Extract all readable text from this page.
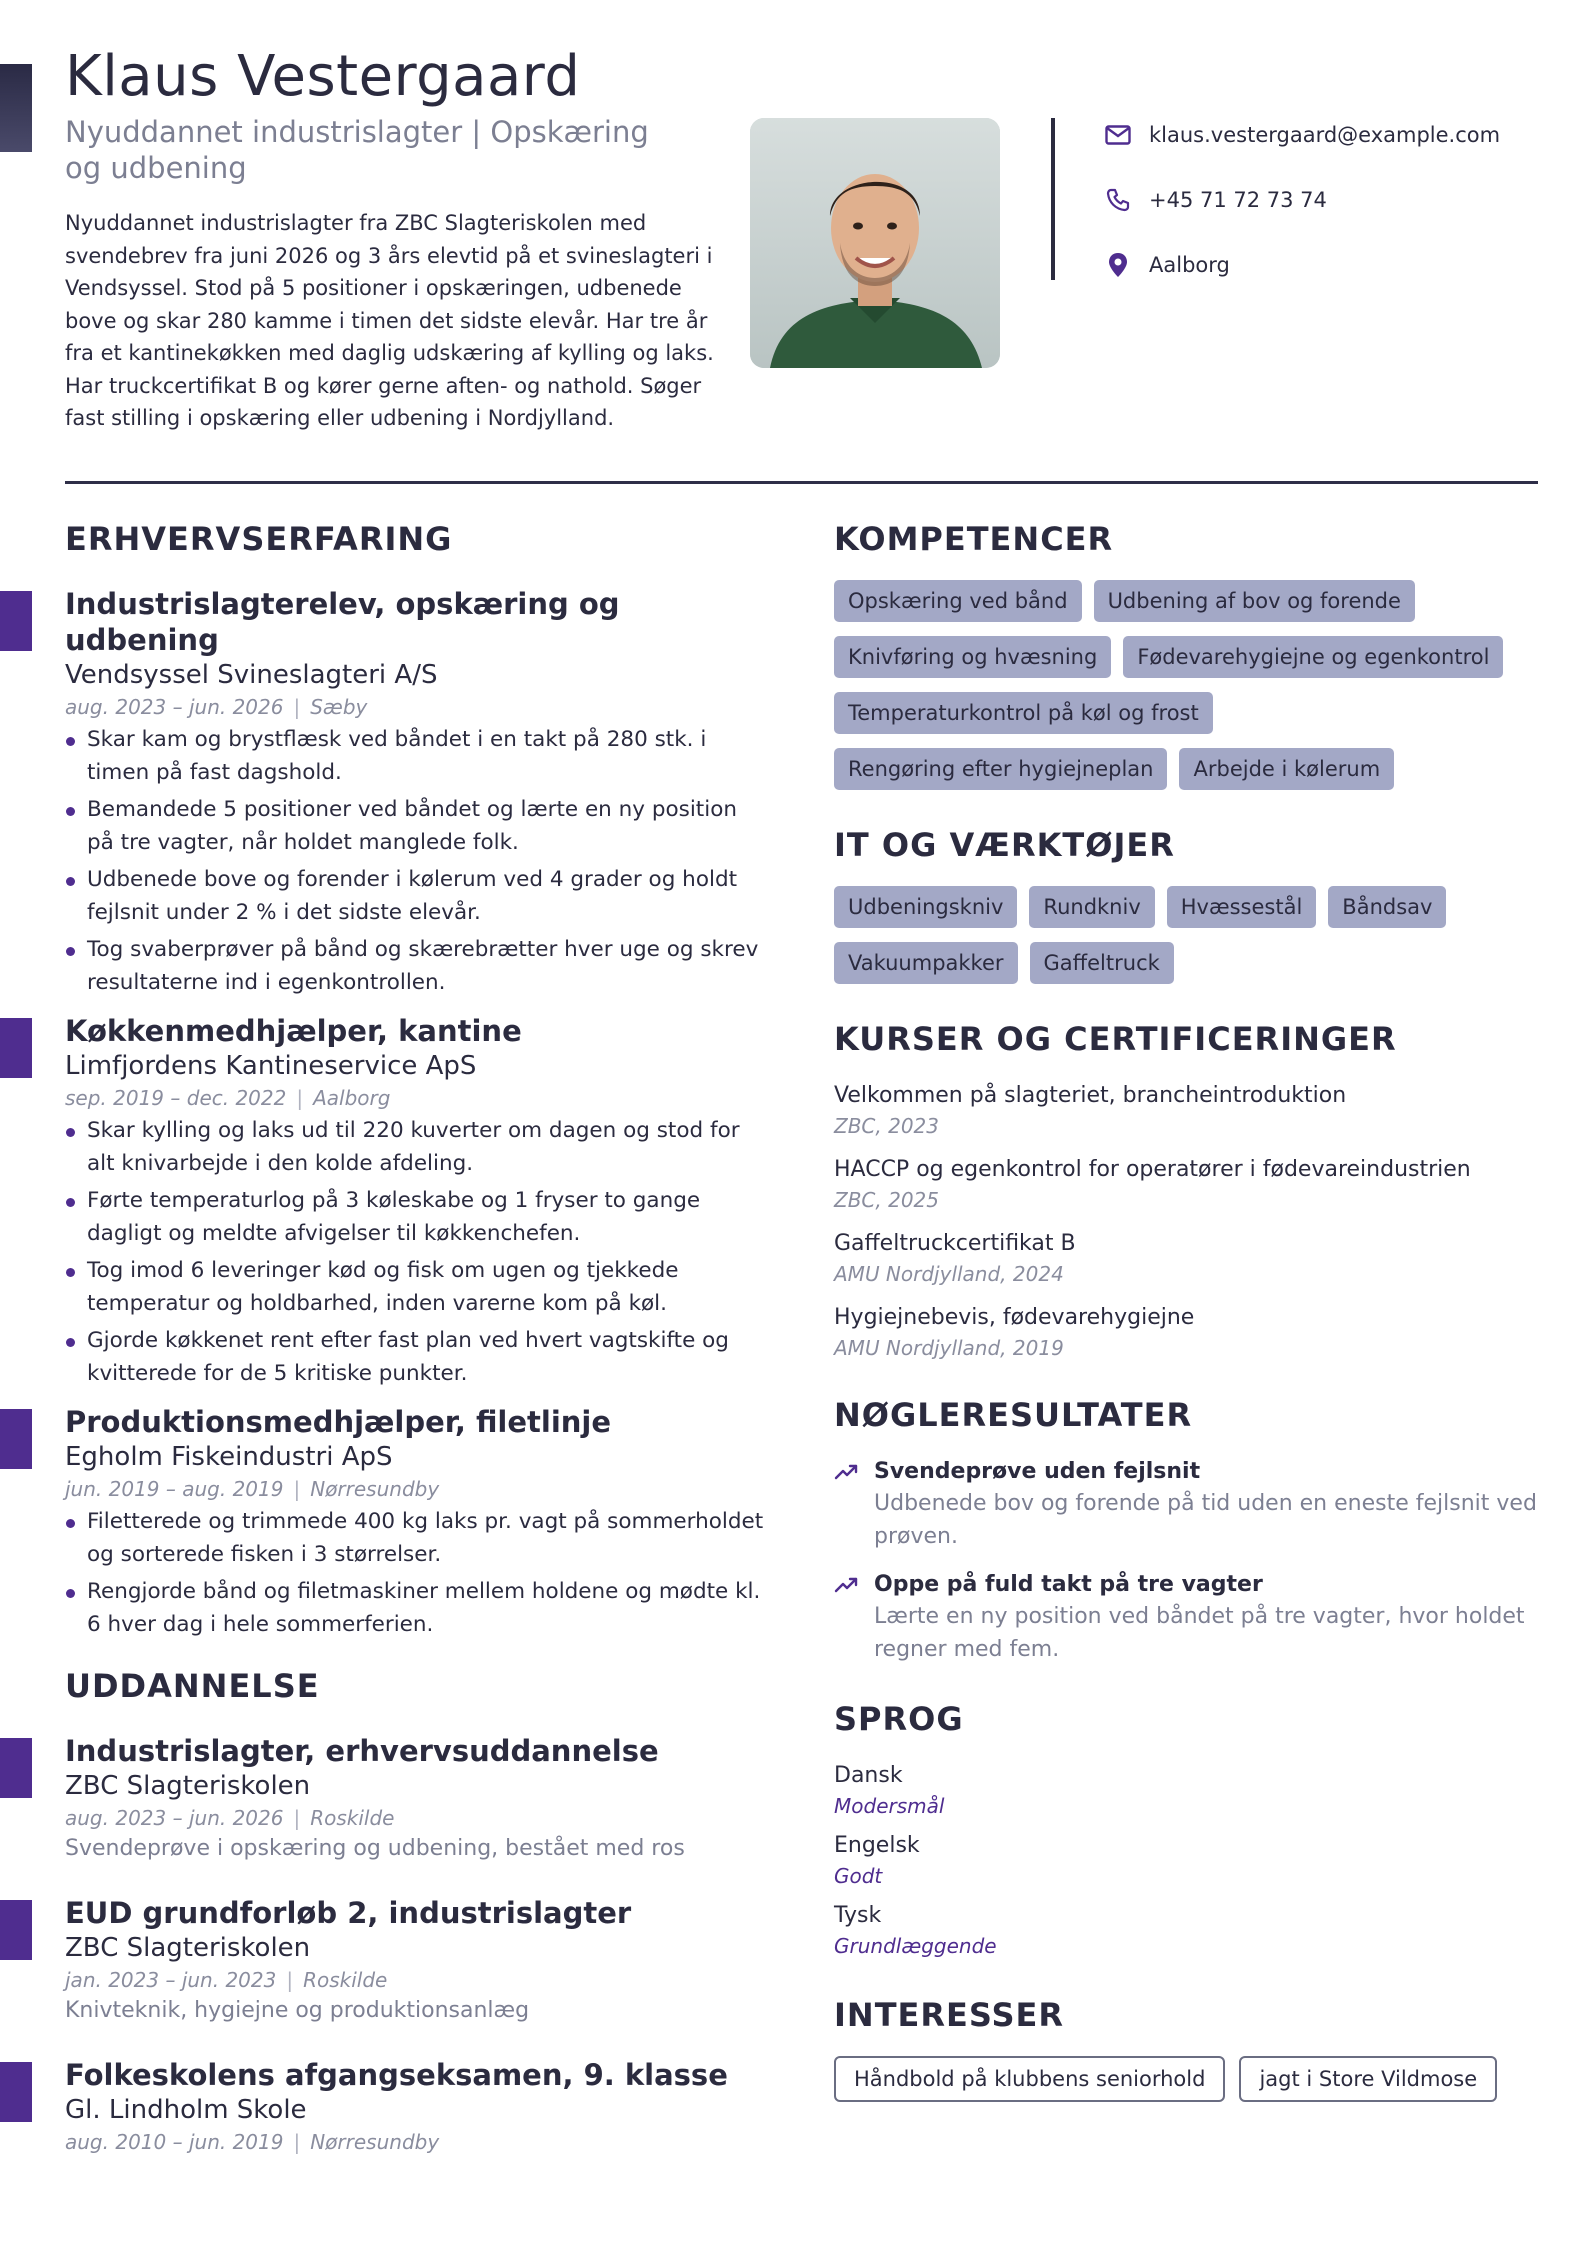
Klaus Vestergaard
Nyuddannet industrislagter | Opskæring
og udbening

Nyuddannet industrislagter fra ZBC Slagteriskolen med svendebrev fra juni 2026 og 3 års elevtid på et svineslagteri i Vendsyssel. Stod på 5 positioner i opskæringen, udbenede bove og skar 280 kamme i timen det sidste elevår. Har tre år fra et kantinekøkken med daglig udskæring af kylling og laks. Har truckcertifikat B og kører gerne aften- og nathold. Søger fast stilling i opskæring eller udbening i Nordjylland.

klaus.vestergaard@example.com
+45 71 72 73 74
Aalborg
ERHVERVSERFARING
Industrislagterelev, opskæring og udbening
Vendsyssel Svineslagteri A/S
aug. 2023 – jun. 2026 | Sæby
Skar kam og brystflæsk ved båndet i en takt på 280 stk. i timen på fast dagshold.
Bemandede 5 positioner ved båndet og lærte en ny position på tre vagter, når holdet manglede folk.
Udbenede bove og forender i kølerum ved 4 grader og holdt fejlsnit under 2 % i det sidste elevår.
Tog svaberprøver på bånd og skærebrætter hver uge og skrev resultaterne ind i egenkontrollen.
Køkkenmedhjælper, kantine
Limfjordens Kantineservice ApS
sep. 2019 – dec. 2022 | Aalborg
Skar kylling og laks ud til 220 kuverter om dagen og stod for alt knivarbejde i den kolde afdeling.
Førte temperaturlog på 3 køleskabe og 1 fryser to gange dagligt og meldte afvigelser til køkkenchefen.
Tog imod 6 leveringer kød og fisk om ugen og tjekkede temperatur og holdbarhed, inden varerne kom på køl.
Gjorde køkkenet rent efter fast plan ved hvert vagtskifte og kvitterede for de 5 kritiske punkter.
Produktionsmedhjælper, filetlinje
Egholm Fiskeindustri ApS
jun. 2019 – aug. 2019 | Nørresundby
Filetterede og trimmede 400 kg laks pr. vagt på sommerholdet og sorterede fisken i 3 størrelser.
Rengjorde bånd og filetmaskiner mellem holdene og mødte kl. 6 hver dag i hele sommerferien.
UDDANNELSE
Industrislagter, erhvervsuddannelse
ZBC Slagteriskolen
aug. 2023 – jun. 2026 | Roskilde
Svendeprøve i opskæring og udbening, bestået med ros
EUD grundforløb 2, industrislagter
ZBC Slagteriskolen
jan. 2023 – jun. 2023 | Roskilde
Knivteknik, hygiejne og produktionsanlæg
Folkeskolens afgangseksamen, 9. klasse
Gl. Lindholm Skole
aug. 2010 – jun. 2019 | Nørresundby
KOMPETENCER
Opskæring ved bånd	Udbening af bov og forende
Knivføring og hvæsning	Fødevarehygiejne og egenkontrol
Temperaturkontrol på køl og frost
Rengøring efter hygiejneplan	Arbejde i kølerum
IT OG VÆRKTØJER
Udbeningskniv	Rundkniv	Hvæssestål	Båndsav
Vakuumpakker	Gaffeltruck
KURSER OG CERTIFICERINGER
Velkommen på slagteriet, brancheintroduktion
ZBC, 2023
HACCP og egenkontrol for operatører i fødevareindustrien
ZBC, 2025
Gaffeltruckcertifikat B
AMU Nordjylland, 2024
Hygiejnebevis, fødevarehygiejne
AMU Nordjylland, 2019
NØGLERESULTATER
Svendeprøve uden fejlsnit
Udbenede bov og forende på tid uden en eneste fejlsnit ved prøven.
Oppe på fuld takt på tre vagter
Lærte en ny position ved båndet på tre vagter, hvor holdet regner med fem.
SPROG
Dansk
Modersmål
Engelsk
Godt
Tysk
Grundlæggende
INTERESSER
Håndbold på klubbens seniorhold	jagt i Store Vildmose
